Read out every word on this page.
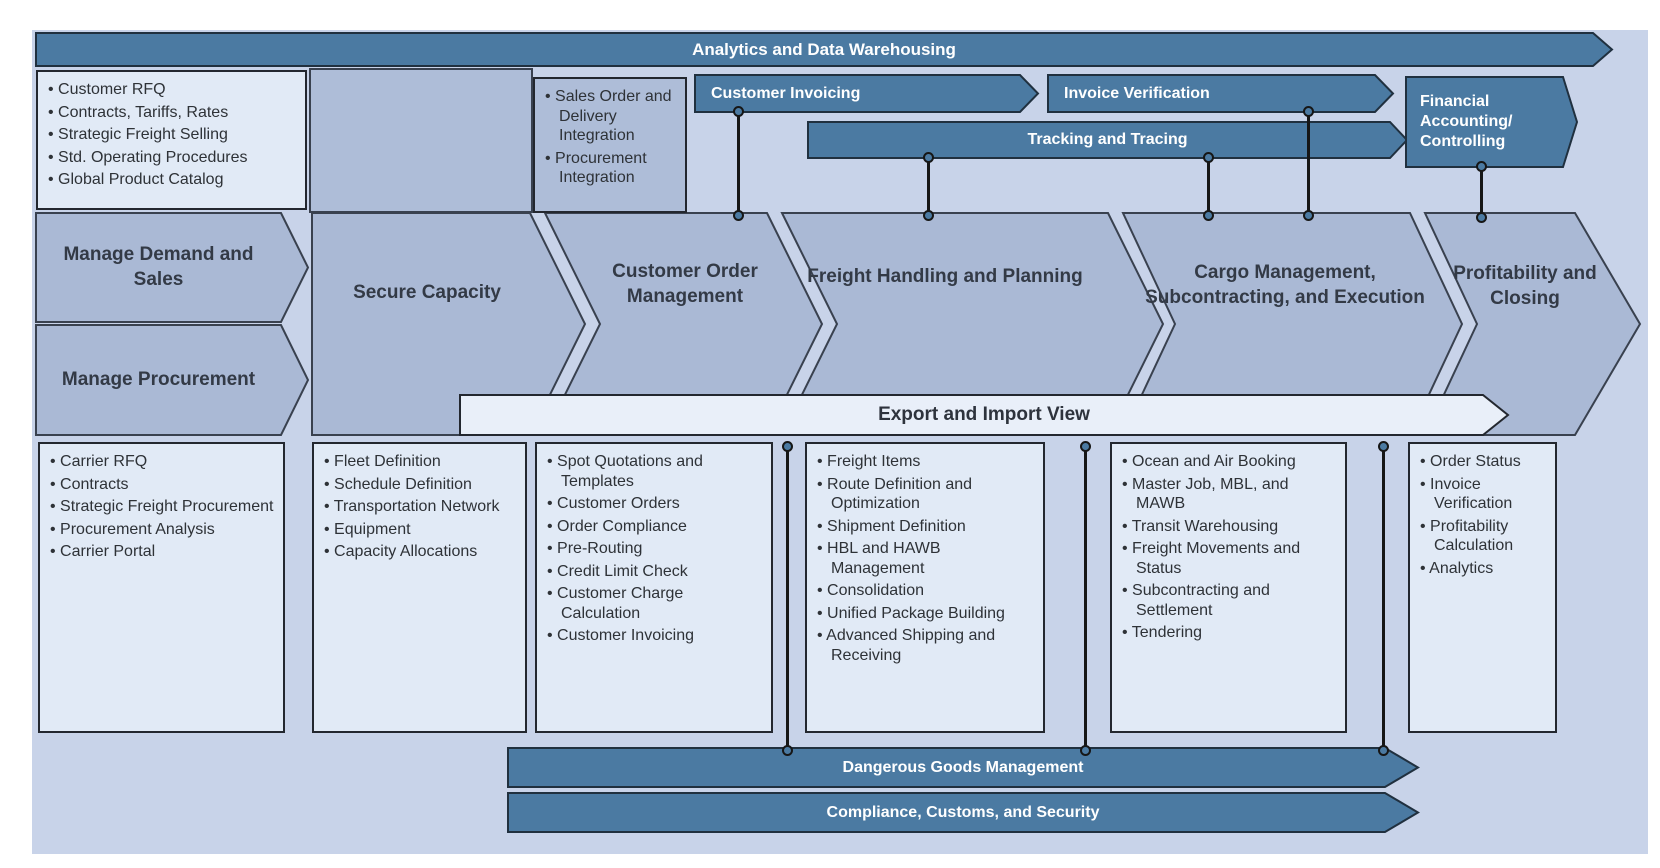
Analytics and Data Warehousing
• Customer RFQ
• Contracts, Tariffs, Rates
• Strategic Freight Selling
• Std. Operating Procedures
• Global Product Catalog
• Sales Order and Delivery Integration
• Procurement Integration
Customer Invoicing	Invoice Verification
Tracking and Tracing
Financial Accounting/ Controlling
Manage Demand and Sales
Manage Procurement
Secure Capacity
Customer Order Management
Freight Handling and Planning	Cargo Management, Subcontracting, and Execution
Profitability and Closing
Export and Import View
• Carrier RFQ
• Contracts
• Strategic Freight Procurement
• Procurement Analysis
• Carrier Portal
• Fleet Definition
• Schedule Definition
• Transportation Network
• Equipment
• Capacity Allocations
• Spot Quotations and Templates
• Customer Orders
• Order Compliance
• Pre-Routing
• Credit Limit Check
• Customer Charge Calculation
• Customer Invoicing
• Freight Items
• Route Definition and Optimization
• Shipment Definition
• HBL and HAWB Management
• Consolidation
• Unified Package Building
• Advanced Shipping and Receiving
• Ocean and Air Booking
• Master Job, MBL, and MAWB
• Transit Warehousing
• Freight Movements and Status
• Subcontracting and Settlement
• Tendering
• Order Status
• Invoice Verification
• Profitability Calculation
• Analytics
Dangerous Goods Management
Compliance, Customs, and Security
